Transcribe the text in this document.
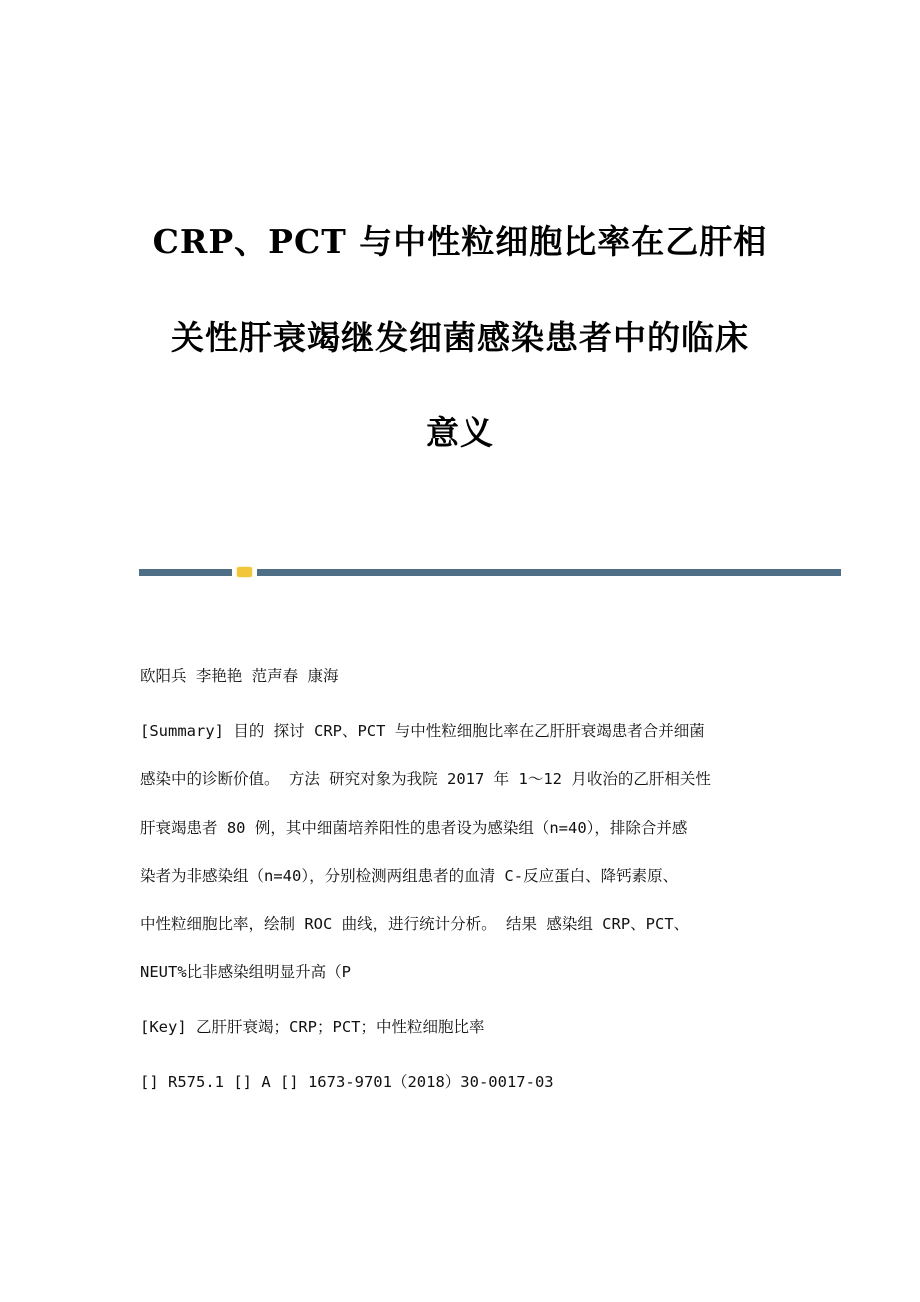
CRP、PCT 与中性粒细胞比率在乙肝相
关性肝衰竭继发细菌感染患者中的临床
意义
欧阳兵 李艳艳 范声春 康海
[Summary] 目的 探讨 CRP、PCT 与中性粒细胞比率在乙肝肝衰竭患者合并细菌
感染中的诊断价值。 方法 研究对象为我院 2017 年 1～12 月收治的乙肝相关性
肝衰竭患者 80 例，其中细菌培养阳性的患者设为感染组（n=40），排除合并感
染者为非感染组（n=40），分别检测两组患者的血清 C-反应蛋白、降钙素原、
中性粒细胞比率，绘制 ROC 曲线，进行统计分析。 结果 感染组 CRP、PCT、
NEUT%比非感染组明显升高（P
[Key] 乙肝肝衰竭；CRP；PCT；中性粒细胞比率
[] R575.1 [] A [] 1673-9701（2018）30-0017-03
